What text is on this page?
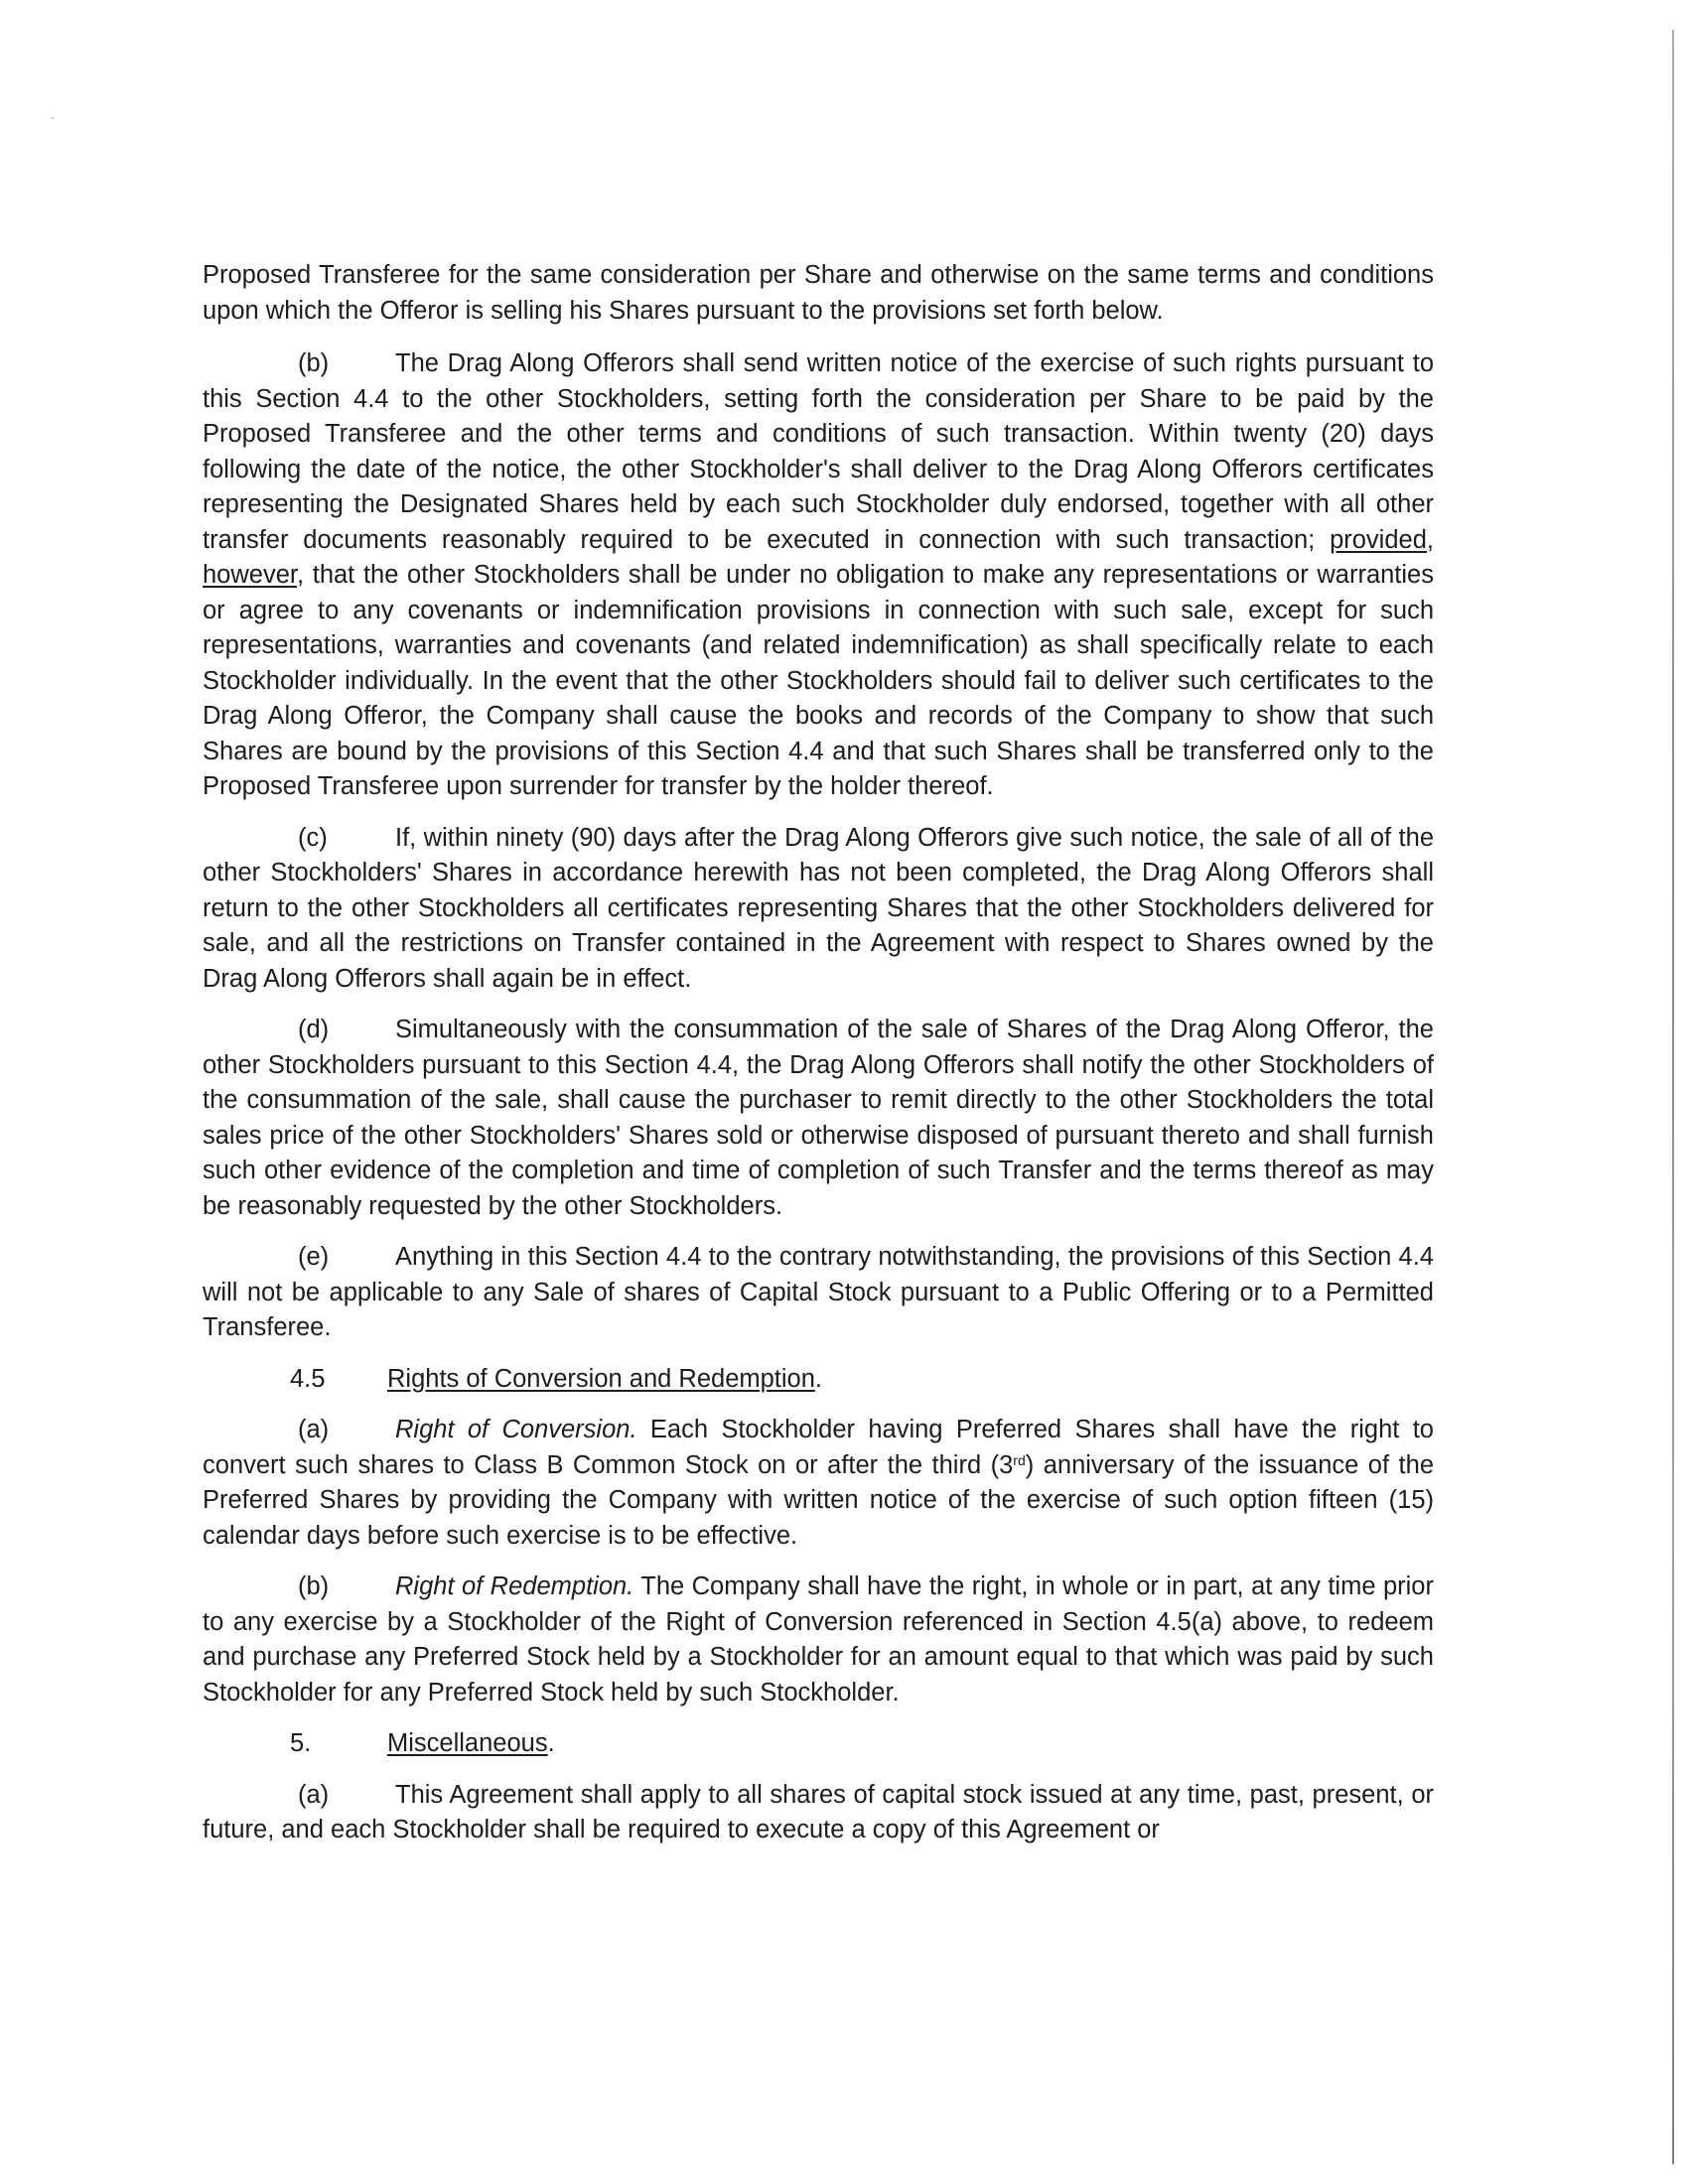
Proposed Transferee for the same consideration per Share and otherwise on the same terms and conditions upon which the Offeror is selling his Shares pursuant to the provisions set forth below.

(b)	The Drag Along Offerors shall send written notice of the exercise of such rights pursuant to this Section 4.4 to the other Stockholders, setting forth the consideration per Share to be paid by the Proposed Transferee and the other terms and conditions of such transaction. Within twenty (20) days following the date of the notice, the other Stockholder's shall deliver to the Drag Along Offerors certificates representing the Designated Shares held by each such Stockholder duly endorsed, together with all other transfer documents reasonably required to be executed in connection with such transaction; provided, however, that the other Stockholders shall be under no obligation to make any representations or warranties or agree to any covenants or indemnification provisions in connection with such sale, except for such representations, warranties and covenants (and related indemnification) as shall specifically relate to each Stockholder individually. In the event that the other Stockholders should fail to deliver such certificates to the Drag Along Offeror, the Company shall cause the books and records of the Company to show that such Shares are bound by the provisions of this Section 4.4 and that such Shares shall be transferred only to the Proposed Transferee upon surrender for transfer by the holder thereof.

(c)	If, within ninety (90) days after the Drag Along Offerors give such notice, the sale of all of the other Stockholders' Shares in accordance herewith has not been completed, the Drag Along Offerors shall return to the other Stockholders all certificates representing Shares that the other Stockholders delivered for sale, and all the restrictions on Transfer contained in the Agreement with respect to Shares owned by the Drag Along Offerors shall again be in effect.

(d)	Simultaneously with the consummation of the sale of Shares of the Drag Along Offeror, the other Stockholders pursuant to this Section 4.4, the Drag Along Offerors shall notify the other Stockholders of the consummation of the sale, shall cause the purchaser to remit directly to the other Stockholders the total sales price of the other Stockholders' Shares sold or otherwise disposed of pursuant thereto and shall furnish such other evidence of the completion and time of completion of such Transfer and the terms thereof as may be reasonably requested by the other Stockholders.

(e)	Anything in this Section 4.4 to the contrary notwithstanding, the provisions of this Section 4.4 will not be applicable to any Sale of shares of Capital Stock pursuant to a Public Offering or to a Permitted Transferee.

4.5 Rights of Conversion and Redemption.

(a)	Right of Conversion. Each Stockholder having Preferred Shares shall have the right to convert such shares to Class B Common Stock on or after the third (3rd) anniversary of the issuance of the Preferred Shares by providing the Company with written notice of the exercise of such option fifteen (15) calendar days before such exercise is to be effective.

(b)	Right of Redemption. The Company shall have the right, in whole or in part, at any time prior to any exercise by a Stockholder of the Right of Conversion referenced in Section 4.5(a) above, to redeem and purchase any Preferred Stock held by a Stockholder for an amount equal to that which was paid by such Stockholder for any Preferred Stock held by such Stockholder.

5.	Miscellaneous.

(a)	This Agreement shall apply to all shares of capital stock issued at any time, past, present, or future, and each Stockholder shall be required to execute a copy of this Agreement or
